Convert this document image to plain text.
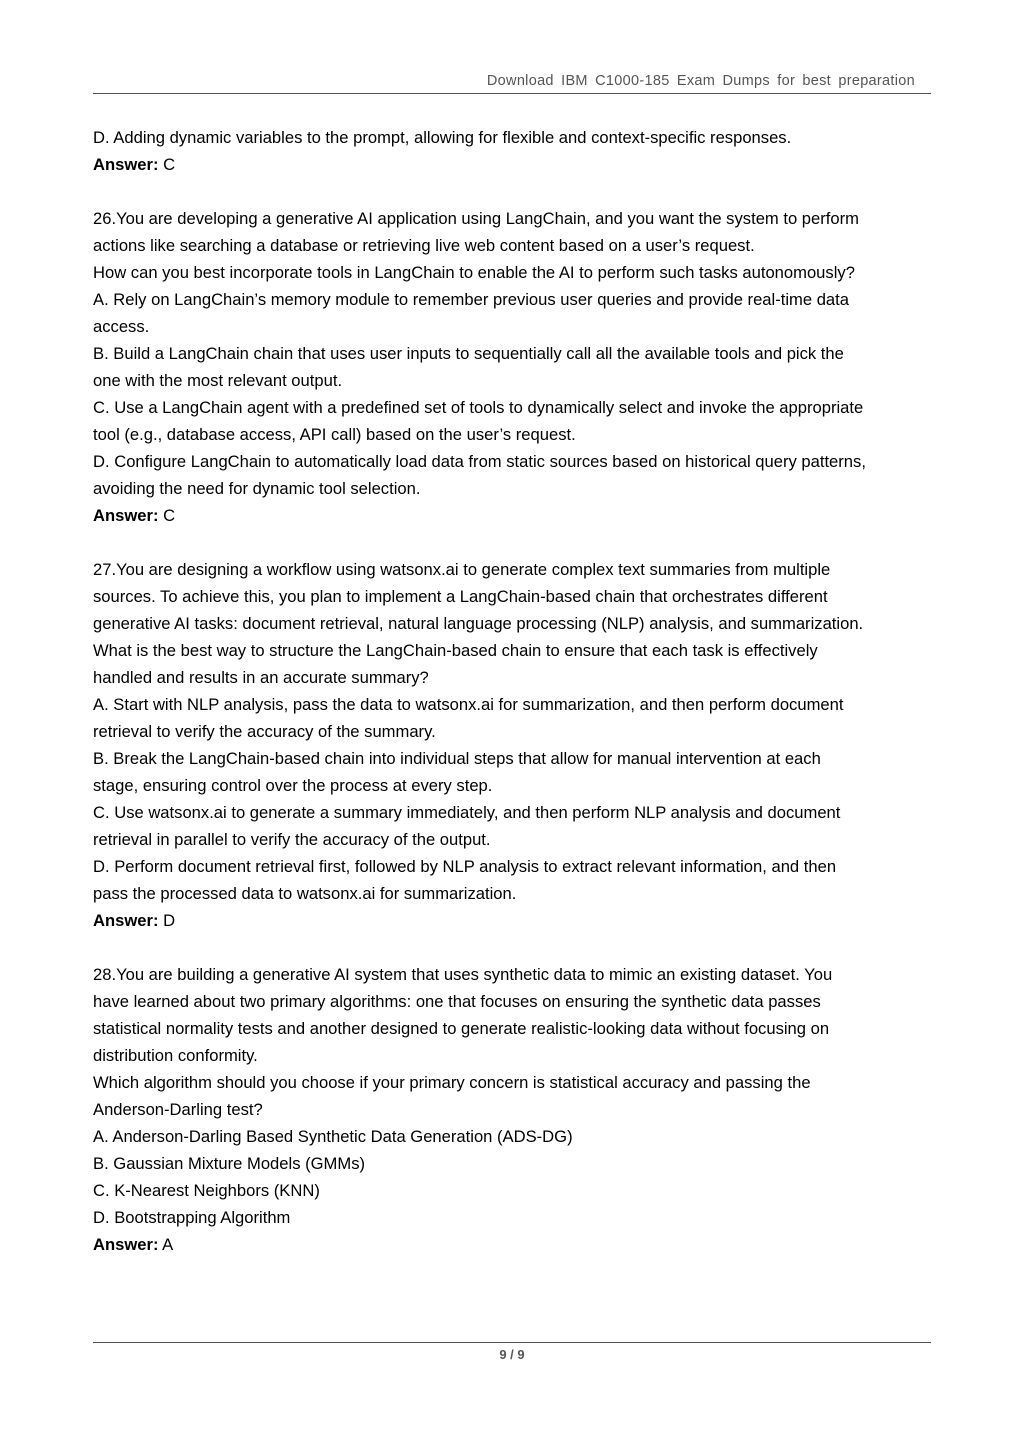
Download IBM C1000-185 Exam Dumps for best preparation
D. Adding dynamic variables to the prompt, allowing for flexible and context-specific responses.
Answer: C
26.You are developing a generative AI application using LangChain, and you want the system to perform
actions like searching a database or retrieving live web content based on a user’s request.
How can you best incorporate tools in LangChain to enable the AI to perform such tasks autonomously?
A. Rely on LangChain’s memory module to remember previous user queries and provide real-time data
access.
B. Build a LangChain chain that uses user inputs to sequentially call all the available tools and pick the
one with the most relevant output.
C. Use a LangChain agent with a predefined set of tools to dynamically select and invoke the appropriate
tool (e.g., database access, API call) based on the user’s request.
D. Configure LangChain to automatically load data from static sources based on historical query patterns,
avoiding the need for dynamic tool selection.
Answer: C
27.You are designing a workflow using watsonx.ai to generate complex text summaries from multiple
sources. To achieve this, you plan to implement a LangChain-based chain that orchestrates different
generative AI tasks: document retrieval, natural language processing (NLP) analysis, and summarization.
What is the best way to structure the LangChain-based chain to ensure that each task is effectively
handled and results in an accurate summary?
A. Start with NLP analysis, pass the data to watsonx.ai for summarization, and then perform document
retrieval to verify the accuracy of the summary.
B. Break the LangChain-based chain into individual steps that allow for manual intervention at each
stage, ensuring control over the process at every step.
C. Use watsonx.ai to generate a summary immediately, and then perform NLP analysis and document
retrieval in parallel to verify the accuracy of the output.
D. Perform document retrieval first, followed by NLP analysis to extract relevant information, and then
pass the processed data to watsonx.ai for summarization.
Answer: D
28.You are building a generative AI system that uses synthetic data to mimic an existing dataset. You
have learned about two primary algorithms: one that focuses on ensuring the synthetic data passes
statistical normality tests and another designed to generate realistic-looking data without focusing on
distribution conformity.
Which algorithm should you choose if your primary concern is statistical accuracy and passing the
Anderson-Darling test?
A. Anderson-Darling Based Synthetic Data Generation (ADS-DG)
B. Gaussian Mixture Models (GMMs)
C. K-Nearest Neighbors (KNN)
D. Bootstrapping Algorithm
Answer: A
9 / 9
